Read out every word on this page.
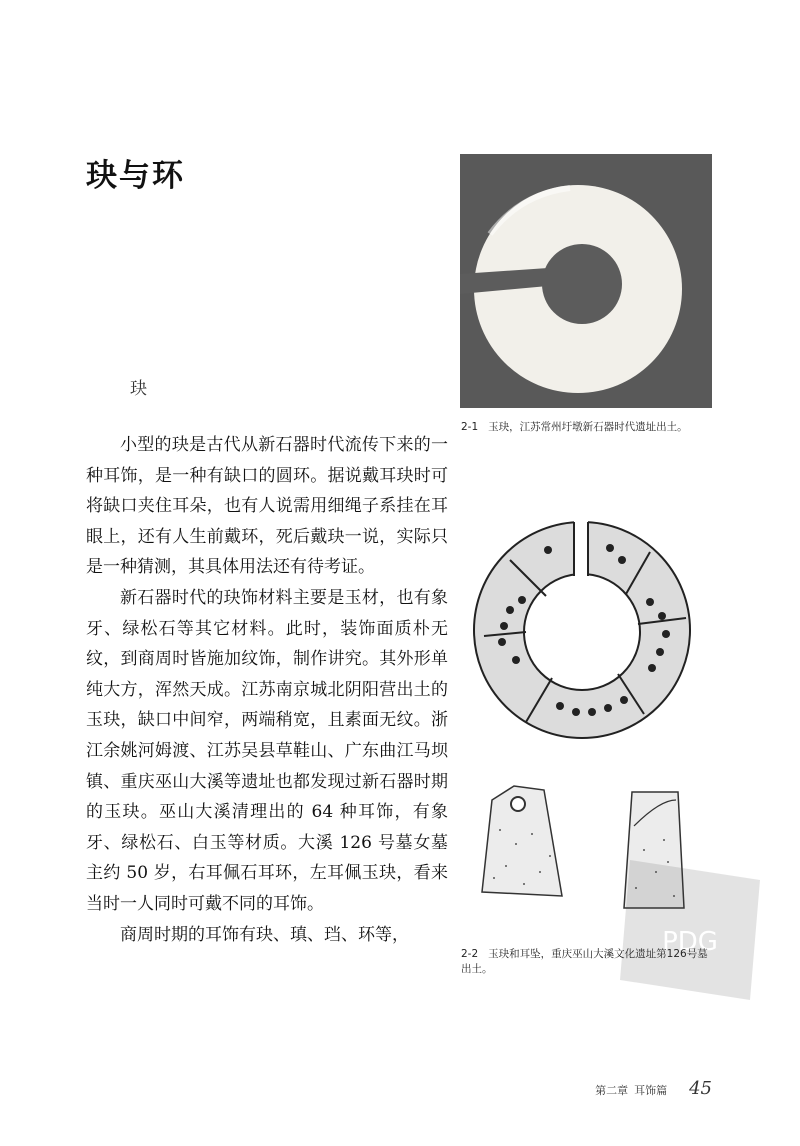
玦与环
玦

小型的玦是古代从新石器时代流传下来的一种耳饰，是一种有缺口的圆环。据说戴耳玦时可将缺口夹住耳朵，也有人说需用细绳子系挂在耳眼上，还有人生前戴环，死后戴玦一说，实际只是一种猜测，其具体用法还有待考证。

新石器时代的玦饰材料主要是玉材，也有象牙、绿松石等其它材料。此时，装饰面质朴无纹，到商周时皆施加纹饰，制作讲究。其外形单纯大方，浑然天成。江苏南京城北阴阳营出土的玉玦，缺口中间窄，两端稍宽，且素面无纹。浙江余姚河姆渡、江苏吴县草鞋山、广东曲江马坝镇、重庆巫山大溪等遗址也都发现过新石器时期的玉玦。巫山大溪清理出的 64 种耳饰，有象牙、绿松石、白玉等材质。大溪 126 号墓女墓主约 50 岁，右耳佩石耳环，左耳佩玉玦，看来当时一人同时可戴不同的耳饰。

商周时期的耳饰有玦、瑱、珰、环等，

2-1 玉玦，江苏常州圩墩新石器时代遗址出土。
2-2 玉玦和耳坠，重庆巫山大溪文化遗址第126号墓出土。
PDG
第二章 耳饰篇 45
